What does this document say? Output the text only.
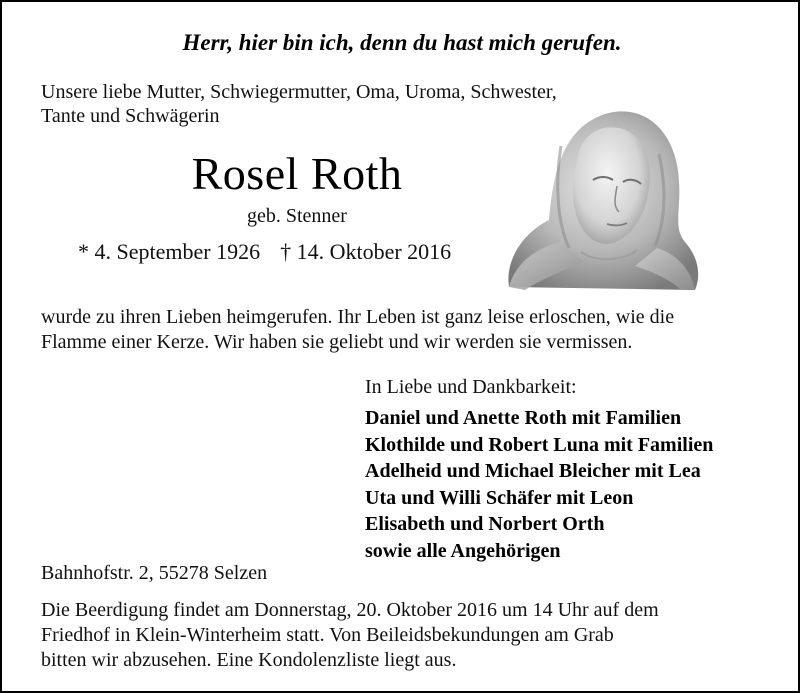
Herr, hier bin ich, denn du hast mich gerufen.
Unsere liebe Mutter, Schwiegermutter, Oma, Uroma, Schwester,
Tante und Schwägerin
Rosel Roth
geb. Stenner
* 4. September 1926 † 14. Oktober 2016
wurde zu ihren Lieben heimgerufen. Ihr Leben ist ganz leise erloschen, wie die
Flamme einer Kerze. Wir haben sie geliebt und wir werden sie vermissen.
In Liebe und Dankbarkeit:
Daniel und Anette Roth mit Familien
Klothilde und Robert Luna mit Familien
Adelheid und Michael Bleicher mit Lea
Uta und Willi Schäfer mit Leon
Elisabeth und Norbert Orth
sowie alle Angehörigen
Bahnhofstr. 2, 55278 Selzen
Die Beerdigung findet am Donnerstag, 20. Oktober 2016 um 14 Uhr auf dem
Friedhof in Klein-Winterheim statt. Von Beileidsbekundungen am Grab
bitten wir abzusehen. Eine Kondolenzliste liegt aus.
